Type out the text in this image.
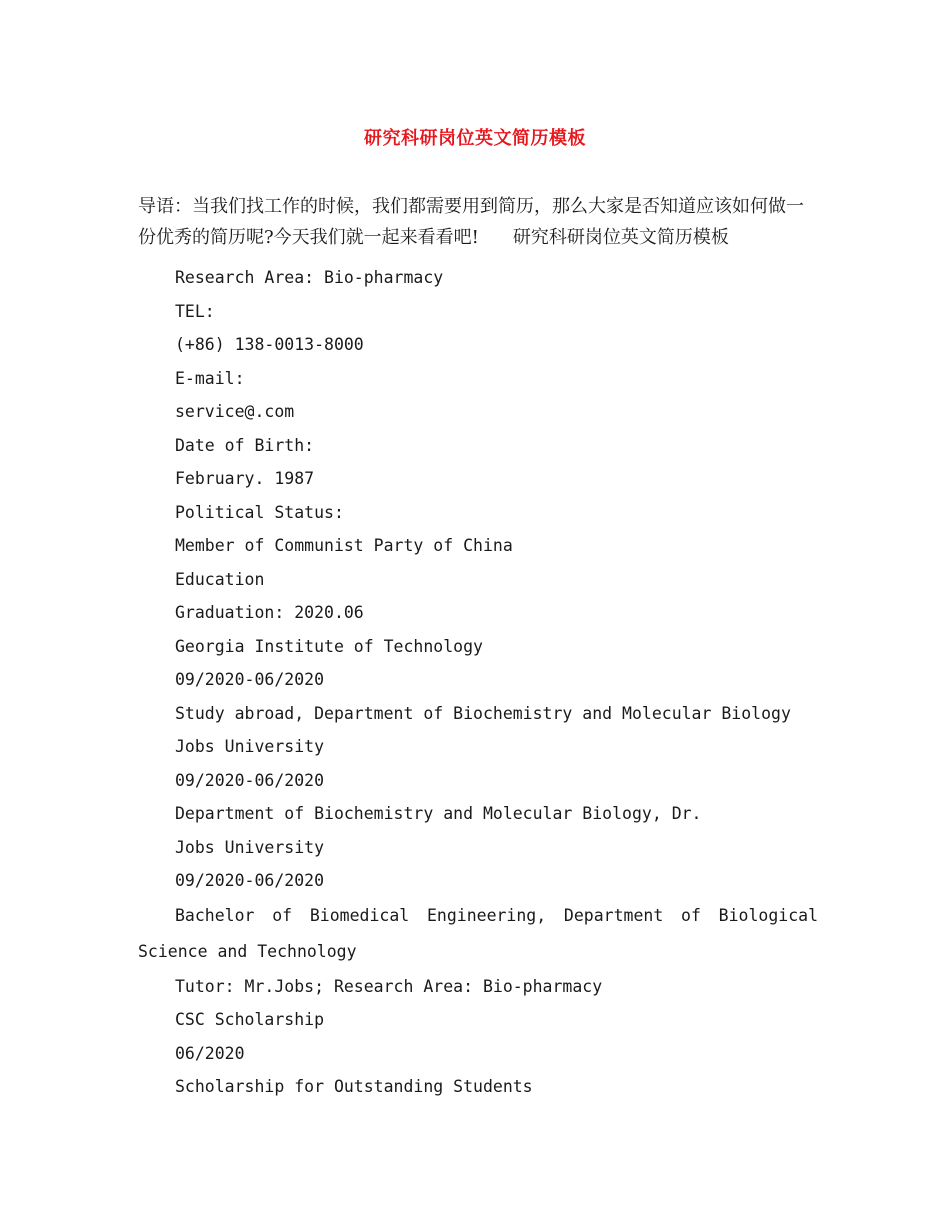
研究科研岗位英文简历模板

导语：当我们找工作的时候，我们都需要用到简历，那么大家是否知道应该如何做一份优秀的简历呢?今天我们就一起来看看吧! 研究科研岗位英文简历模板

Research Area: Bio-pharmacy
TEL:
(+86) 138-0013-8000
E-mail:
service@.com
Date of Birth:
February. 1987
Political Status:
Member of Communist Party of China
Education
Graduation: 2020.06
Georgia Institute of Technology
09/2020-06/2020
Study abroad, Department of Biochemistry and Molecular Biology
Jobs University
09/2020-06/2020
Department of Biochemistry and Molecular Biology, Dr.
Jobs University
09/2020-06/2020
Bachelor of Biomedical Engineering, Department of Biological Science and Technology
Tutor: Mr.Jobs; Research Area: Bio-pharmacy
CSC Scholarship
06/2020
Scholarship for Outstanding Students
